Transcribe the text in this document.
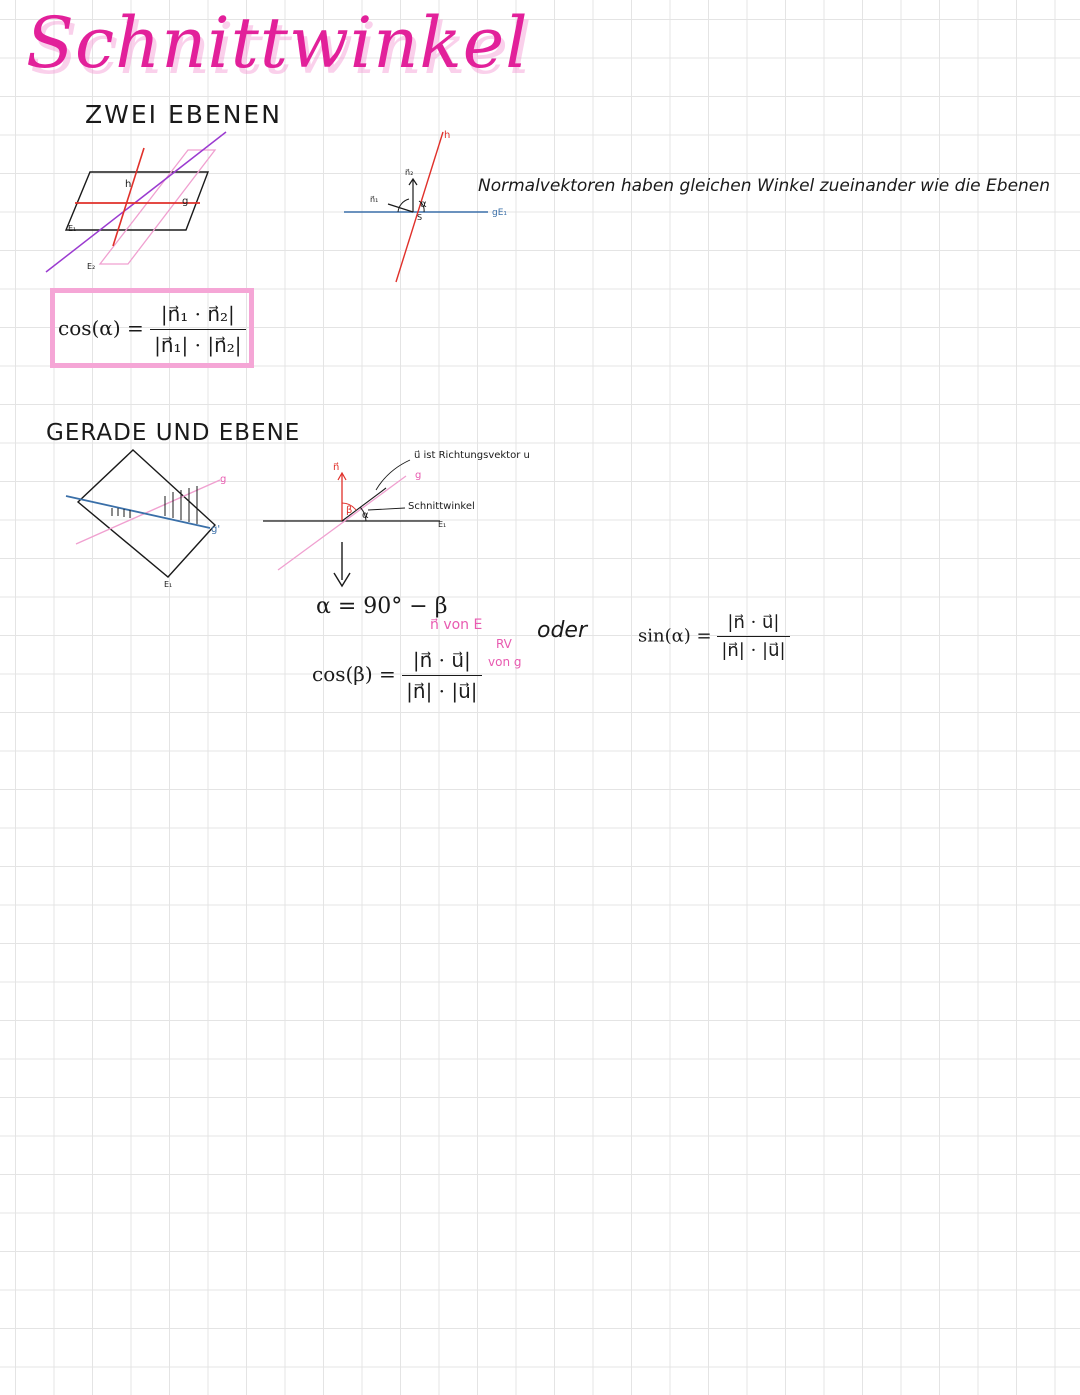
Schnittwinkel
ZWEI EBENEN
h
g
E₁
E₂
n⃗₂
n⃗₁	α
S
h
gE₁
Normalvektoren haben gleichen Winkel zueinander wie die Ebenen
$\cos(\alpha) = \frac{\text{|n⃗₁ · n⃗₂|}}{\text{|n⃗₁| · |n⃗₂|}}$
GERADE UND EBENE
g
g'
E₁
n⃗
β α
u⃗ ist Richtungsvektor u
Schnittwinkel
g
E₁
α = 90° − β
n⃗ von E
RV
von g
$\cos(\beta) = \frac{|n⃗ \cdot u⃗|}{|n⃗| \cdot |u⃗|}$
oder	$\sin(\alpha) = \frac{|n⃗ \cdot u⃗|}{|n⃗| \cdot |u⃗|}$
